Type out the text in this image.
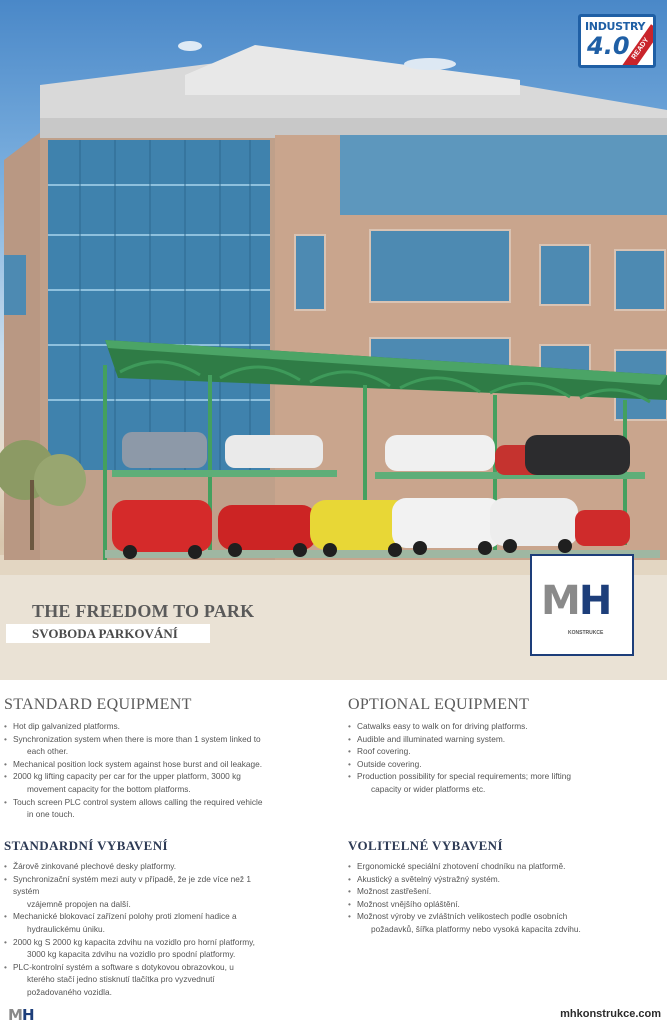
INDUSTRY
4.0 READY
THE FREEDOM TO PARK
SVOBODA PARKOVÁNÍ
MH
KONSTRUKCE
STANDARD EQUIPMENT
• Hot dip galvanized platforms.
• Synchronization system when there is more than 1 system linked to
each other.
• Mechanical position lock system against hose burst and oil leakage.
• 2000 kg lifting capacity per car for the upper platform, 3000 kg
movement capacity for the bottom platforms.
• Touch screen PLC control system allows calling the required vehicle
in one touch.
OPTIONAL EQUIPMENT
• Catwalks easy to walk on for driving platforms.
• Audible and illuminated warning system.
• Roof covering.
• Outside covering.
• Production possibility for special requirements; more lifting
capacity or wider platforms etc.
STANDARDNÍ VYBAVENÍ
• Žárově zinkované plechové desky platformy.
• Synchronizační systém mezi auty v případě, že je zde více než 1 systém
vzájemně propojen na další.
• Mechanické blokovací zařízení polohy proti zlomení hadice a
hydraulickému úniku.
• 2000 kg S 2000 kg kapacita zdvihu na vozidlo pro horní platformy,
3000 kg kapacita zdvihu na vozidlo pro spodní platformy.
• PLC-kontrolní systém a software s dotykovou obrazovkou, u
kterého stačí jedno stisknutí tlačítka pro vyzvednutí
požadovaného vozidla.
VOLITELNÉ VYBAVENÍ
• Ergonomické speciální zhotovení chodníku na platformě.
• Akustický a světelný výstražný systém.
• Možnost zastřešení.
• Možnost vnějšího opláštění.
• Možnost výroby ve zvláštních velikostech podle osobních
požadavků, šířka platformy nebo vysoká kapacita zdvihu.
MH	mhkonstrukce.com
